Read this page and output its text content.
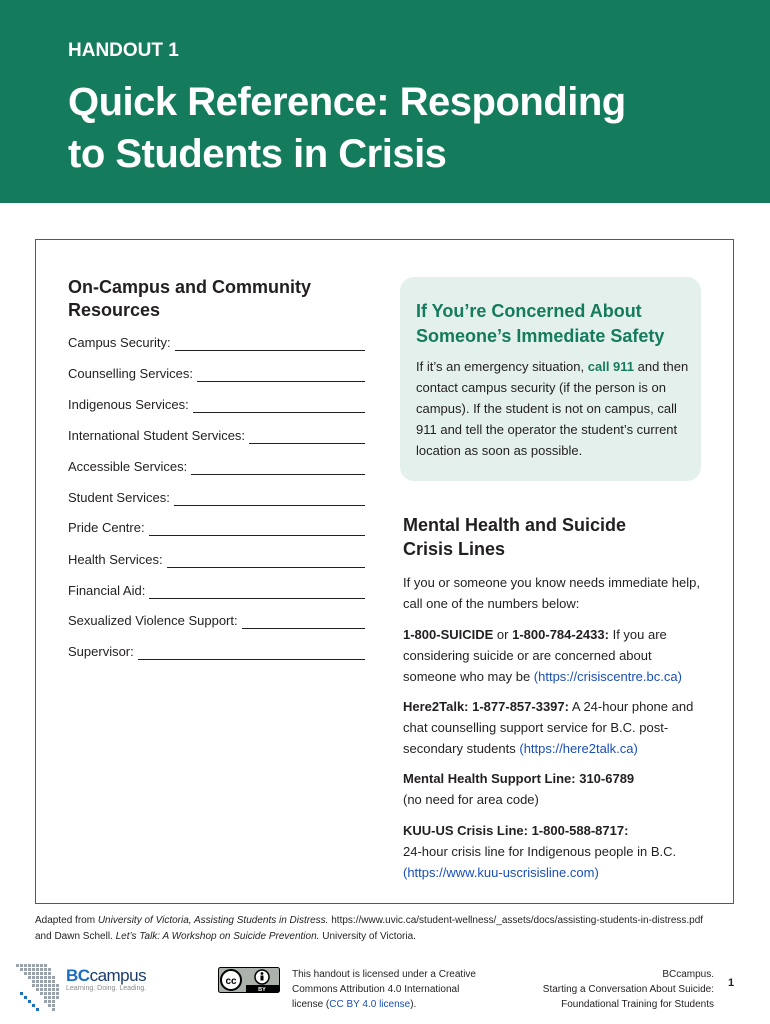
HANDOUT 1
Quick Reference: Responding
to Students in Crisis
On-Campus and Community
Resources
Campus Security:
Counselling Services:
Indigenous Services:
International Student Services:
Accessible Services:
Student Services:
Pride Centre:
Health Services:
Financial Aid:
Sexualized Violence Support:
Supervisor:
If You’re Concerned About
Someone’s Immediate Safety
If it’s an emergency situation, call 911 and then contact campus security (if the person is on campus). If the student is not on campus, call 911 and tell the operator the student’s current location as soon as possible.
Mental Health and Suicide
Crisis Lines
If you or someone you know needs immediate help, call one of the numbers below:
1-800-SUICIDE or 1-800-784-2433: If you are considering suicide or are concerned about someone who may be (https://crisiscentre.bc.ca)
Here2Talk: 1-877-857-3397: A 24-hour phone and chat counselling support service for B.C. post-secondary students (https://here2talk.ca)
Mental Health Support Line: 310-6789
(no need for area code)
KUU-US Crisis Line: 1-800-588-8717:
24-hour crisis line for Indigenous people in B.C.
(https://www.kuu-uscrisisline.com)
Adapted from University of Victoria, Assisting Students in Distress. https://www.uvic.ca/student-wellness/_assets/docs/assisting-students-in-distress.pdf
and Dawn Schell. Let’s Talk: A Workshop on Suicide Prevention. University of Victoria.
BCcampus
Learning. Doing. Leading.
cc
BY
This handout is licensed under a Creative Commons Attribution 4.0 International license (CC BY 4.0 license).
BCcampus.
Starting a Conversation About Suicide:
Foundational Training for Students
1
